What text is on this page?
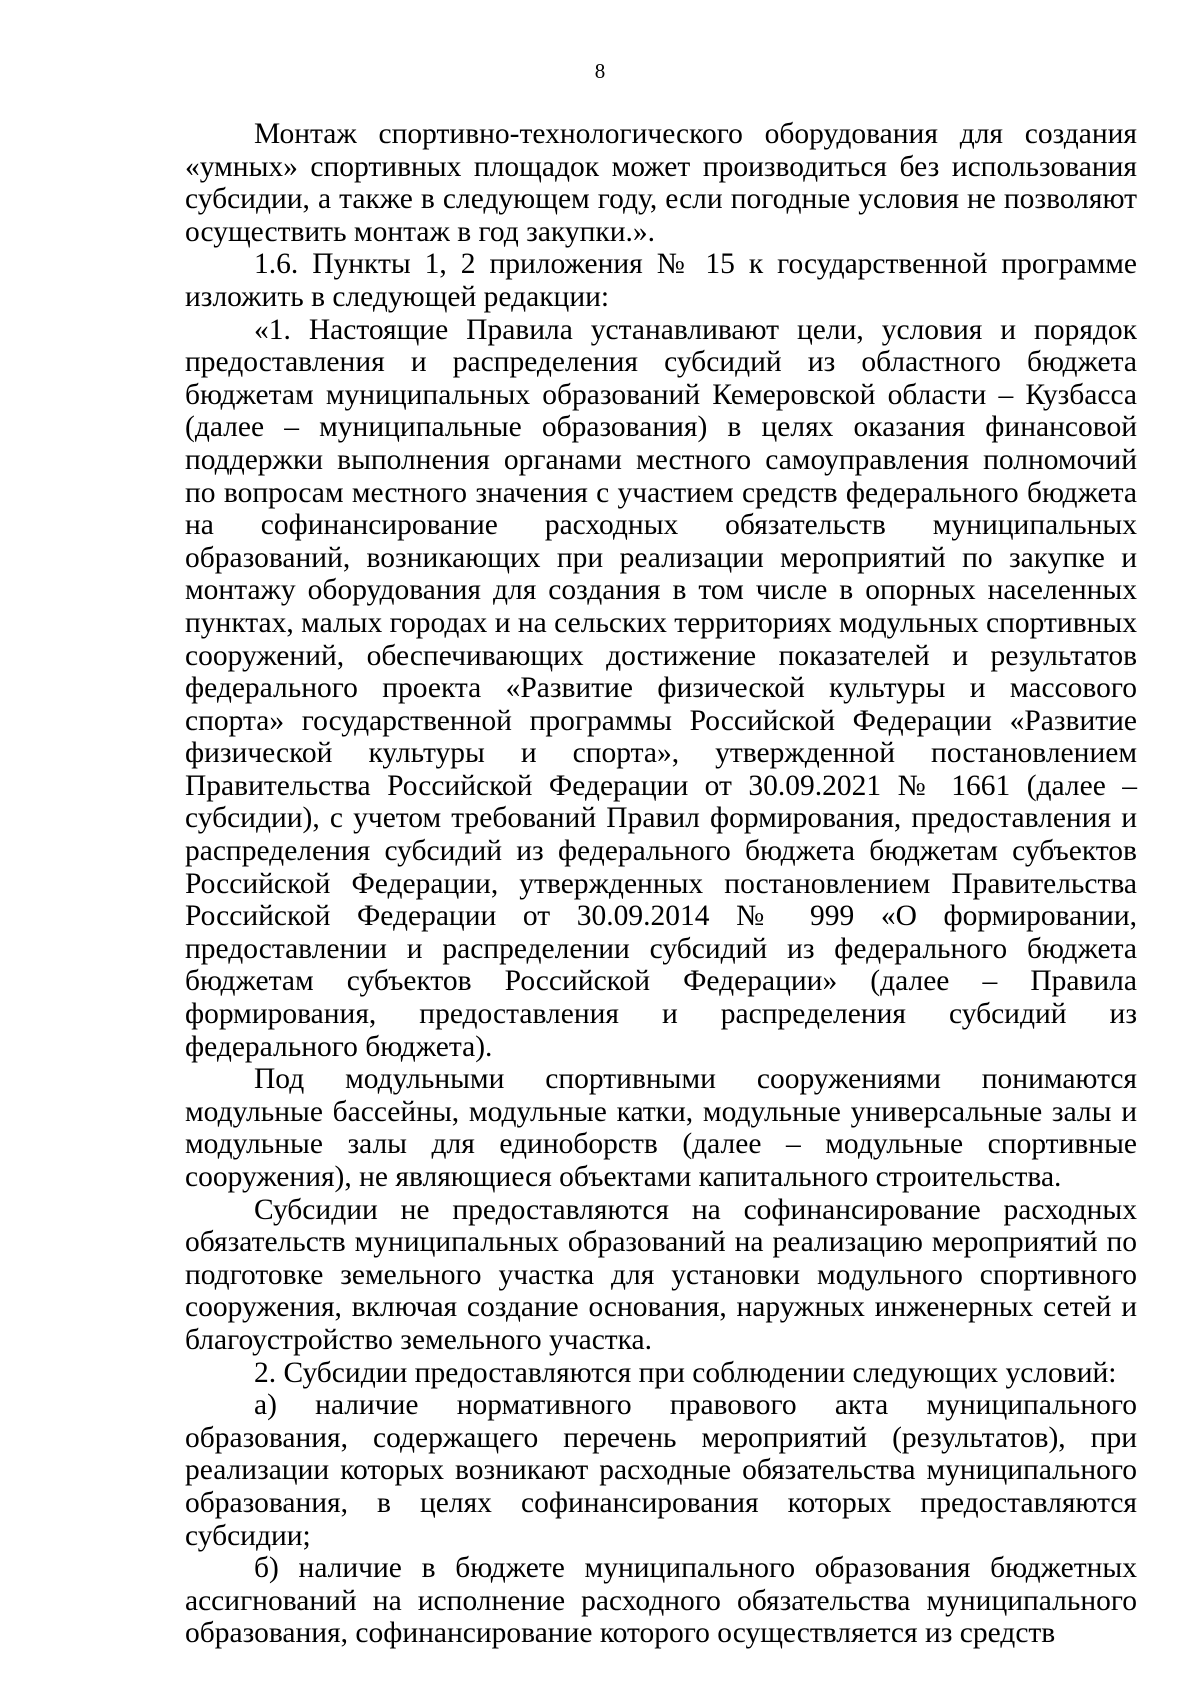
8

Монтаж спортивно-технологического оборудования для создания «умных» спортивных площадок может производиться без использования субсидии, а также в следующем году, если погодные условия не позволяют осуществить монтаж в год закупки.».

1.6. Пункты 1, 2 приложения № 15 к государственной программе изложить в следующей редакции:

«1. Настоящие Правила устанавливают цели, условия и порядок предоставления и распределения субсидий из областного бюджета бюджетам муниципальных образований Кемеровской области – Кузбасса (далее – муниципальные образования) в целях оказания финансовой поддержки выполнения органами местного самоуправления полномочий по вопросам местного значения с участием средств федерального бюджета на софинансирование расходных обязательств муниципальных образований, возникающих при реализации мероприятий по закупке и монтажу оборудования для создания в том числе в опорных населенных пунктах, малых городах и на сельских территориях модульных спортивных сооружений, обеспечивающих достижение показателей и результатов федерального проекта «Развитие физической культуры и массового спорта» государственной программы Российской Федерации «Развитие физической культуры и спорта», утвержденной постановлением Правительства Российской Федерации от 30.09.2021 № 1661 (далее – субсидии), с учетом требований Правил формирования, предоставления и распределения субсидий из федерального бюджета бюджетам субъектов Российской Федерации, утвержденных постановлением Правительства Российской Федерации от 30.09.2014 № 999 «О формировании, предоставлении и распределении субсидий из федерального бюджета бюджетам субъектов Российской Федерации» (далее – Правила формирования, предоставления и распределения субсидий из федерального бюджета).

Под модульными спортивными сооружениями понимаются модульные бассейны, модульные катки, модульные универсальные залы и модульные залы для единоборств (далее – модульные спортивные сооружения), не являющиеся объектами капитального строительства.

Субсидии не предоставляются на софинансирование расходных обязательств муниципальных образований на реализацию мероприятий по подготовке земельного участка для установки модульного спортивного сооружения, включая создание основания, наружных инженерных сетей и благоустройство земельного участка.

2. Субсидии предоставляются при соблюдении следующих условий:

а) наличие нормативного правового акта муниципального образования, содержащего перечень мероприятий (результатов), при реализации которых возникают расходные обязательства муниципального образования, в целях софинансирования которых предоставляются субсидии;

б) наличие в бюджете муниципального образования бюджетных ассигнований на исполнение расходного обязательства муниципального образования, софинансирование которого осуществляется из средств
